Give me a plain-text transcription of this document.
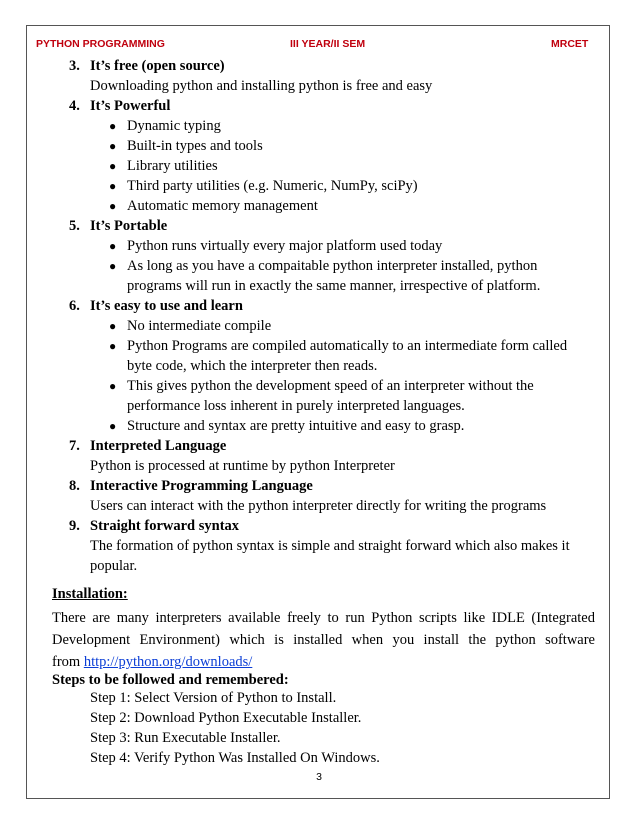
PYTHON PROGRAMMING	III YEAR/II SEM	MRCET
3. It’s free (open source)
Downloading python and installing python is free and easy
4. It’s Powerful
● Dynamic typing
● Built-in types and tools
● Library utilities
● Third party utilities (e.g. Numeric, NumPy, sciPy)
● Automatic memory management
5. It’s Portable
● Python runs virtually every major platform used today
● As long as you have a compaitable python interpreter installed, python
programs will run in exactly the same manner, irrespective of platform.
6. It’s easy to use and learn
● No intermediate compile
● Python Programs are compiled automatically to an intermediate form called
byte code, which the interpreter then reads.
● This gives python the development speed of an interpreter without the
performance loss inherent in purely interpreted languages.
● Structure and syntax are pretty intuitive and easy to grasp.
7. Interpreted Language
Python is processed at runtime by python Interpreter
8. Interactive Programming Language
Users can interact with the python interpreter directly for writing the programs
9. Straight forward syntax
The formation of python syntax is simple and straight forward which also makes it
popular.
Installation:
There are many interpreters available freely to run Python scripts like IDLE (Integrated
Development Environment) which is installed when you install the python software
from http://python.org/downloads/
Steps to be followed and remembered:
Step 1: Select Version of Python to Install.
Step 2: Download Python Executable Installer.
Step 3: Run Executable Installer.
Step 4: Verify Python Was Installed On Windows.
3
